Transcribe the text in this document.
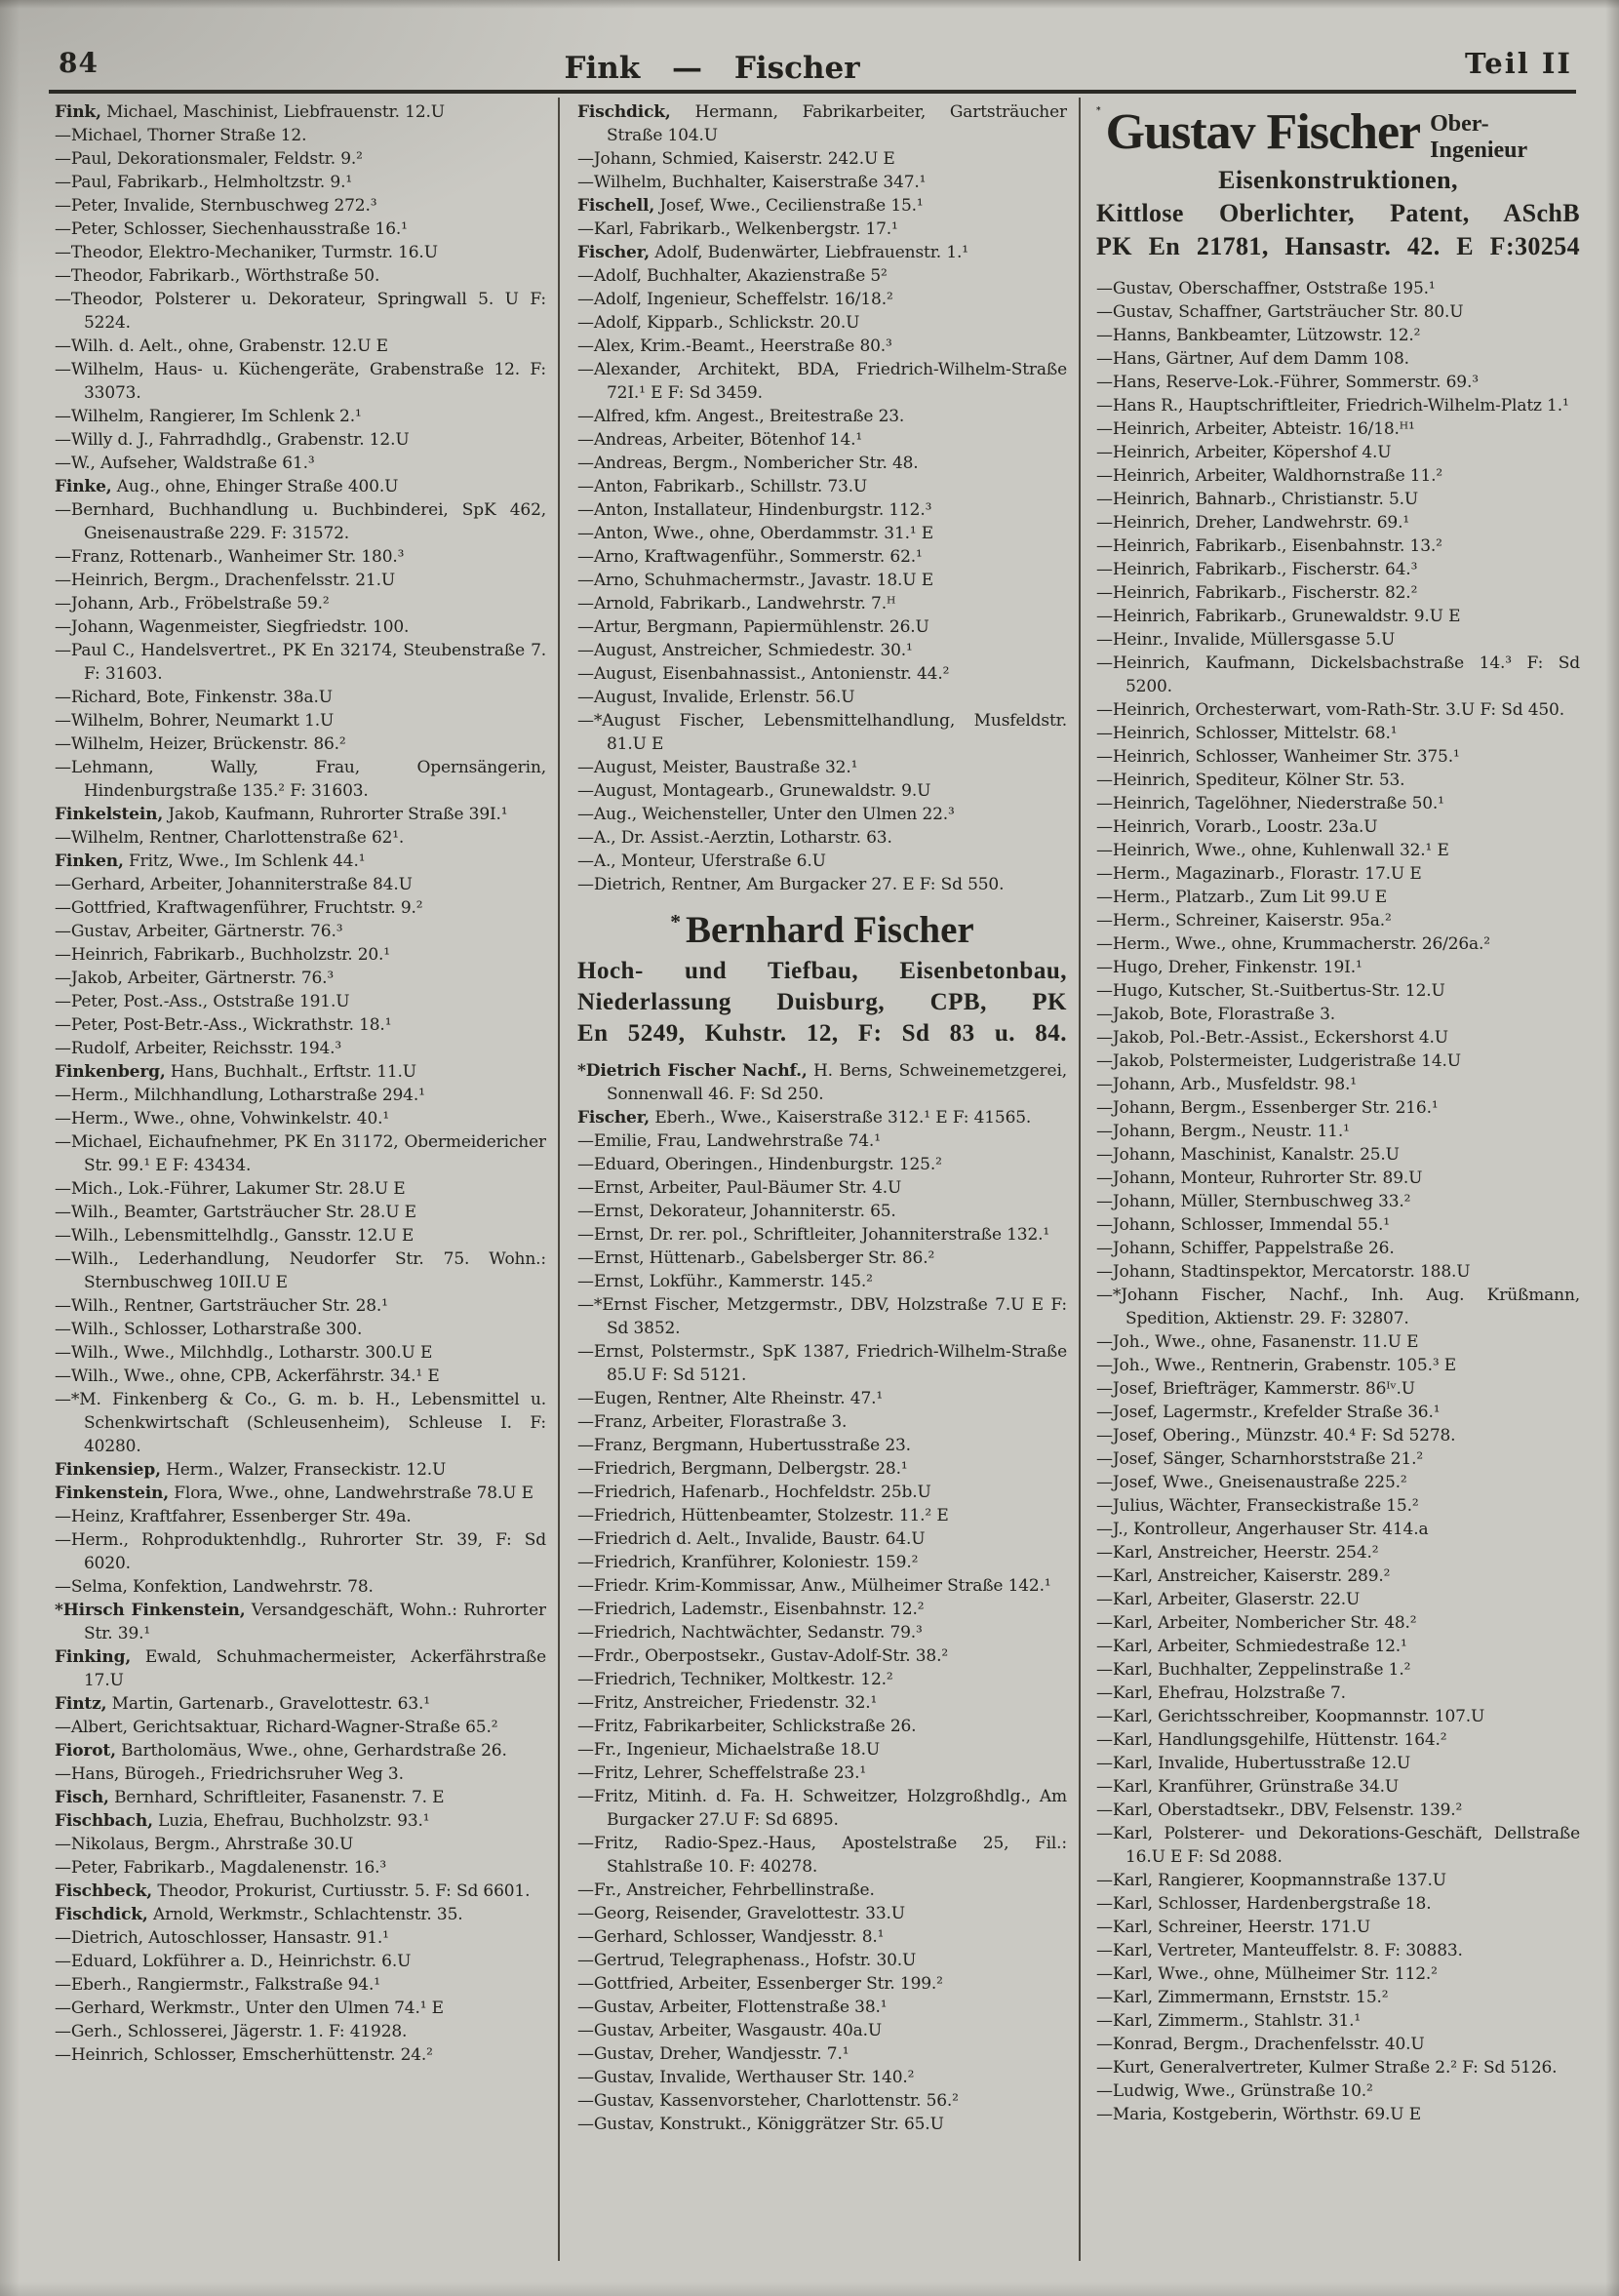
84	Fink — Fischer	Teil II
Fink, Michael, Maschinist, Liebfrauenstr. 12.U
—Michael, Thorner Straße 12.
—Paul, Dekorationsmaler, Feldstr. 9.²
—Paul, Fabrikarb., Helmholtzstr. 9.¹
—Peter, Invalide, Sternbuschweg 272.³
—Peter, Schlosser, Siechenhausstraße 16.¹
—Theodor, Elektro-Mechaniker, Turmstr. 16.U
—Theodor, Fabrikarb., Wörthstraße 50.
—Theodor, Polsterer u. Dekorateur, Springwall 5. U F: 5224.
—Wilh. d. Aelt., ohne, Grabenstr. 12.U E
—Wilhelm, Haus- u. Küchengeräte, Grabenstraße 12. F: 33073.
—Wilhelm, Rangierer, Im Schlenk 2.¹
—Willy d. J., Fahrradhdlg., Grabenstr. 12.U
—W., Aufseher, Waldstraße 61.³
Finke, Aug., ohne, Ehinger Straße 400.U
—Bernhard, Buchhandlung u. Buchbinderei, SpK 462, Gneisenaustraße 229. F: 31572.
—Franz, Rottenarb., Wanheimer Str. 180.³
—Heinrich, Bergm., Drachenfelsstr. 21.U
—Johann, Arb., Fröbelstraße 59.²
—Johann, Wagenmeister, Siegfriedstr. 100.
—Paul C., Handelsvertret., PK En 32174, Steubenstraße 7. F: 31603.
—Richard, Bote, Finkenstr. 38a.U
—Wilhelm, Bohrer, Neumarkt 1.U
—Wilhelm, Heizer, Brückenstr. 86.²
—Lehmann, Wally, Frau, Opernsängerin, Hindenburgstraße 135.² F: 31603.
Finkelstein, Jakob, Kaufmann, Ruhrorter Straße 39I.¹
—Wilhelm, Rentner, Charlottenstraße 62¹.
Finken, Fritz, Wwe., Im Schlenk 44.¹
—Gerhard, Arbeiter, Johanniterstraße 84.U
—Gottfried, Kraftwagenführer, Fruchtstr. 9.²
—Gustav, Arbeiter, Gärtnerstr. 76.³
—Heinrich, Fabrikarb., Buchholzstr. 20.¹
—Jakob, Arbeiter, Gärtnerstr. 76.³
—Peter, Post.-Ass., Oststraße 191.U
—Peter, Post-Betr.-Ass., Wickrathstr. 18.¹
—Rudolf, Arbeiter, Reichsstr. 194.³
Finkenberg, Hans, Buchhalt., Erftstr. 11.U
—Herm., Milchhandlung, Lotharstraße 294.¹
—Herm., Wwe., ohne, Vohwinkelstr. 40.¹
—Michael, Eichaufnehmer, PK En 31172, Obermeidericher Str. 99.¹ E F: 43434.
—Mich., Lok.-Führer, Lakumer Str. 28.U E
—Wilh., Beamter, Gartsträucher Str. 28.U E
—Wilh., Lebensmittelhdlg., Gansstr. 12.U E
—Wilh., Lederhandlung, Neudorfer Str. 75. Wohn.: Sternbuschweg 10II.U E
—Wilh., Rentner, Gartsträucher Str. 28.¹
—Wilh., Schlosser, Lotharstraße 300.
—Wilh., Wwe., Milchhdlg., Lotharstr. 300.U E
—Wilh., Wwe., ohne, CPB, Ackerfährstr. 34.¹ E
—*M. Finkenberg & Co., G. m. b. H., Lebensmittel u. Schenkwirtschaft (Schleusenheim), Schleuse I. F: 40280.
Finkensiep, Herm., Walzer, Franseckistr. 12.U
Finkenstein, Flora, Wwe., ohne, Landwehrstraße 78.U E
—Heinz, Kraftfahrer, Essenberger Str. 49a.
—Herm., Rohproduktenhdlg., Ruhrorter Str. 39, F: Sd 6020.
—Selma, Konfektion, Landwehrstr. 78.
*Hirsch Finkenstein, Versandgeschäft, Wohn.: Ruhrorter Str. 39.¹
Finking, Ewald, Schuhmachermeister, Ackerfährstraße 17.U
Fintz, Martin, Gartenarb., Gravelottestr. 63.¹
—Albert, Gerichtsaktuar, Richard-Wagner-Straße 65.²
Fiorot, Bartholomäus, Wwe., ohne, Gerhardstraße 26.
—Hans, Bürogeh., Friedrichsruher Weg 3.
Fisch, Bernhard, Schriftleiter, Fasanenstr. 7. E
Fischbach, Luzia, Ehefrau, Buchholzstr. 93.¹
—Nikolaus, Bergm., Ahrstraße 30.U
—Peter, Fabrikarb., Magdalenenstr. 16.³
Fischbeck, Theodor, Prokurist, Curtiusstr. 5. F: Sd 6601.
Fischdick, Arnold, Werkmstr., Schlachtenstr. 35.
—Dietrich, Autoschlosser, Hansastr. 91.¹
—Eduard, Lokführer a. D., Heinrichstr. 6.U
—Eberh., Rangiermstr., Falkstraße 94.¹
—Gerhard, Werkmstr., Unter den Ulmen 74.¹ E
—Gerh., Schlosserei, Jägerstr. 1. F: 41928.
—Heinrich, Schlosser, Emscherhüttenstr. 24.²
Fischdick, Hermann, Fabrikarbeiter, Gartsträucher Straße 104.U
—Johann, Schmied, Kaiserstr. 242.U E
—Wilhelm, Buchhalter, Kaiserstraße 347.¹
Fischell, Josef, Wwe., Cecilienstraße 15.¹
—Karl, Fabrikarb., Welkenbergstr. 17.¹
Fischer, Adolf, Budenwärter, Liebfrauenstr. 1.¹
—Adolf, Buchhalter, Akazienstraße 5²
—Adolf, Ingenieur, Scheffelstr. 16/18.²
—Adolf, Kipparb., Schlickstr. 20.U
—Alex, Krim.-Beamt., Heerstraße 80.³
—Alexander, Architekt, BDA, Friedrich-Wilhelm-Straße 72I.¹ E F: Sd 3459.
—Alfred, kfm. Angest., Breitestraße 23.
—Andreas, Arbeiter, Bötenhof 14.¹
—Andreas, Bergm., Nombericher Str. 48.
—Anton, Fabrikarb., Schillstr. 73.U
—Anton, Installateur, Hindenburgstr. 112.³
—Anton, Wwe., ohne, Oberdammstr. 31.¹ E
—Arno, Kraftwagenführ., Sommerstr. 62.¹
—Arno, Schuhmachermstr., Javastr. 18.U E
—Arnold, Fabrikarb., Landwehrstr. 7.ᴴ
—Artur, Bergmann, Papiermühlenstr. 26.U
—August, Anstreicher, Schmiedestr. 30.¹
—August, Eisenbahnassist., Antonienstr. 44.²
—August, Invalide, Erlenstr. 56.U
—*August Fischer, Lebensmittelhandlung, Musfeldstr. 81.U E
—August, Meister, Baustraße 32.¹
—August, Montagearb., Grunewaldstr. 9.U
—Aug., Weichensteller, Unter den Ulmen 22.³
—A., Dr. Assist.-Aerztin, Lotharstr. 63.
—A., Monteur, Uferstraße 6.U
—Dietrich, Rentner, Am Burgacker 27. E F: Sd 550.
* Bernhard Fischer
Hoch- und Tiefbau, Eisenbetonbau,
Niederlassung Duisburg, CPB, PK
En 5249, Kuhstr. 12, F: Sd 83 u. 84.
*Dietrich Fischer Nachf., H. Berns, Schweinemetzgerei, Sonnenwall 46. F: Sd 250.
Fischer, Eberh., Wwe., Kaiserstraße 312.¹ E F: 41565.
—Emilie, Frau, Landwehrstraße 74.¹
—Eduard, Oberingen., Hindenburgstr. 125.²
—Ernst, Arbeiter, Paul-Bäumer Str. 4.U
—Ernst, Dekorateur, Johanniterstr. 65.
—Ernst, Dr. rer. pol., Schriftleiter, Johanniterstraße 132.¹
—Ernst, Hüttenarb., Gabelsberger Str. 86.²
—Ernst, Lokführ., Kammerstr. 145.²
—*Ernst Fischer, Metzgermstr., DBV, Holzstraße 7.U E F: Sd 3852.
—Ernst, Polstermstr., SpK 1387, Friedrich-Wilhelm-Straße 85.U F: Sd 5121.
—Eugen, Rentner, Alte Rheinstr. 47.¹
—Franz, Arbeiter, Florastraße 3.
—Franz, Bergmann, Hubertusstraße 23.
—Friedrich, Bergmann, Delbergstr. 28.¹
—Friedrich, Hafenarb., Hochfeldstr. 25b.U
—Friedrich, Hüttenbeamter, Stolzestr. 11.² E
—Friedrich d. Aelt., Invalide, Baustr. 64.U
—Friedrich, Kranführer, Koloniestr. 159.²
—Friedr. Krim-Kommissar, Anw., Mülheimer Straße 142.¹
—Friedrich, Lademstr., Eisenbahnstr. 12.²
—Friedrich, Nachtwächter, Sedanstr. 79.³
—Frdr., Oberpostsekr., Gustav-Adolf-Str. 38.²
—Friedrich, Techniker, Moltkestr. 12.²
—Fritz, Anstreicher, Friedenstr. 32.¹
—Fritz, Fabrikarbeiter, Schlickstraße 26.
—Fr., Ingenieur, Michaelstraße 18.U
—Fritz, Lehrer, Scheffelstraße 23.¹
—Fritz, Mitinh. d. Fa. H. Schweitzer, Holzgroßhdlg., Am Burgacker 27.U F: Sd 6895.
—Fritz, Radio-Spez.-Haus, Apostelstraße 25, Fil.: Stahlstraße 10. F: 40278.
—Fr., Anstreicher, Fehrbellinstraße.
—Georg, Reisender, Gravelottestr. 33.U
—Gerhard, Schlosser, Wandjesstr. 8.¹
—Gertrud, Telegraphenass., Hofstr. 30.U
—Gottfried, Arbeiter, Essenberger Str. 199.²
—Gustav, Arbeiter, Flottenstraße 38.¹
—Gustav, Arbeiter, Wasgaustr. 40a.U
—Gustav, Dreher, Wandjesstr. 7.¹
—Gustav, Invalide, Werthauser Str. 140.²
—Gustav, Kassenvorsteher, Charlottenstr. 56.²
—Gustav, Konstrukt., Königgrätzer Str. 65.U
* Gustav Fischer Ober-
Ingenieur
Eisenkonstruktionen,
Kittlose Oberlichter, Patent, ASchB
PK En 21781, Hansastr. 42. E F:30254
—Gustav, Oberschaffner, Oststraße 195.¹
—Gustav, Schaffner, Gartsträucher Str. 80.U
—Hanns, Bankbeamter, Lützowstr. 12.²
—Hans, Gärtner, Auf dem Damm 108.
—Hans, Reserve-Lok.-Führer, Sommerstr. 69.³
—Hans R., Hauptschriftleiter, Friedrich-Wilhelm-Platz 1.¹
—Heinrich, Arbeiter, Abteistr. 16/18.ᴴ¹
—Heinrich, Arbeiter, Köpershof 4.U
—Heinrich, Arbeiter, Waldhornstraße 11.²
—Heinrich, Bahnarb., Christianstr. 5.U
—Heinrich, Dreher, Landwehrstr. 69.¹
—Heinrich, Fabrikarb., Eisenbahnstr. 13.²
—Heinrich, Fabrikarb., Fischerstr. 64.³
—Heinrich, Fabrikarb., Fischerstr. 82.²
—Heinrich, Fabrikarb., Grunewaldstr. 9.U E
—Heinr., Invalide, Müllersgasse 5.U
—Heinrich, Kaufmann, Dickelsbachstraße 14.³ F: Sd 5200.
—Heinrich, Orchesterwart, vom-Rath-Str. 3.U F: Sd 450.
—Heinrich, Schlosser, Mittelstr. 68.¹
—Heinrich, Schlosser, Wanheimer Str. 375.¹
—Heinrich, Spediteur, Kölner Str. 53.
—Heinrich, Tagelöhner, Niederstraße 50.¹
—Heinrich, Vorarb., Loostr. 23a.U
—Heinrich, Wwe., ohne, Kuhlenwall 32.¹ E
—Herm., Magazinarb., Florastr. 17.U E
—Herm., Platzarb., Zum Lit 99.U E
—Herm., Schreiner, Kaiserstr. 95a.²
—Herm., Wwe., ohne, Krummacherstr. 26/26a.²
—Hugo, Dreher, Finkenstr. 19I.¹
—Hugo, Kutscher, St.-Suitbertus-Str. 12.U
—Jakob, Bote, Florastraße 3.
—Jakob, Pol.-Betr.-Assist., Eckershorst 4.U
—Jakob, Polstermeister, Ludgeristraße 14.U
—Johann, Arb., Musfeldstr. 98.¹
—Johann, Bergm., Essenberger Str. 216.¹
—Johann, Bergm., Neustr. 11.¹
—Johann, Maschinist, Kanalstr. 25.U
—Johann, Monteur, Ruhrorter Str. 89.U
—Johann, Müller, Sternbuschweg 33.²
—Johann, Schlosser, Immendal 55.¹
—Johann, Schiffer, Pappelstraße 26.
—Johann, Stadtinspektor, Mercatorstr. 188.U
—*Johann Fischer, Nachf., Inh. Aug. Krüßmann, Spedition, Aktienstr. 29. F: 32807.
—Joh., Wwe., ohne, Fasanenstr. 11.U E
—Joh., Wwe., Rentnerin, Grabenstr. 105.³ E
—Josef, Briefträger, Kammerstr. 86ᴵᵛ.U
—Josef, Lagermstr., Krefelder Straße 36.¹
—Josef, Obering., Münzstr. 40.⁴ F: Sd 5278.
—Josef, Sänger, Scharnhorststraße 21.²
—Josef, Wwe., Gneisenaustraße 225.²
—Julius, Wächter, Franseckistraße 15.²
—J., Kontrolleur, Angerhauser Str. 414.a
—Karl, Anstreicher, Heerstr. 254.²
—Karl, Anstreicher, Kaiserstr. 289.²
—Karl, Arbeiter, Glaserstr. 22.U
—Karl, Arbeiter, Nombericher Str. 48.²
—Karl, Arbeiter, Schmiedestraße 12.¹
—Karl, Buchhalter, Zeppelinstraße 1.²
—Karl, Ehefrau, Holzstraße 7.
—Karl, Gerichtsschreiber, Koopmannstr. 107.U
—Karl, Handlungsgehilfe, Hüttenstr. 164.²
—Karl, Invalide, Hubertusstraße 12.U
—Karl, Kranführer, Grünstraße 34.U
—Karl, Oberstadtsekr., DBV, Felsenstr. 139.²
—Karl, Polsterer- und Dekorations-Geschäft, Dellstraße 16.U E F: Sd 2088.
—Karl, Rangierer, Koopmannstraße 137.U
—Karl, Schlosser, Hardenbergstraße 18.
—Karl, Schreiner, Heerstr. 171.U
—Karl, Vertreter, Manteuffelstr. 8. F: 30883.
—Karl, Wwe., ohne, Mülheimer Str. 112.²
—Karl, Zimmermann, Ernststr. 15.²
—Karl, Zimmerm., Stahlstr. 31.¹
—Konrad, Bergm., Drachenfelsstr. 40.U
—Kurt, Generalvertreter, Kulmer Straße 2.² F: Sd 5126.
—Ludwig, Wwe., Grünstraße 10.²
—Maria, Kostgeberin, Wörthstr. 69.U E
